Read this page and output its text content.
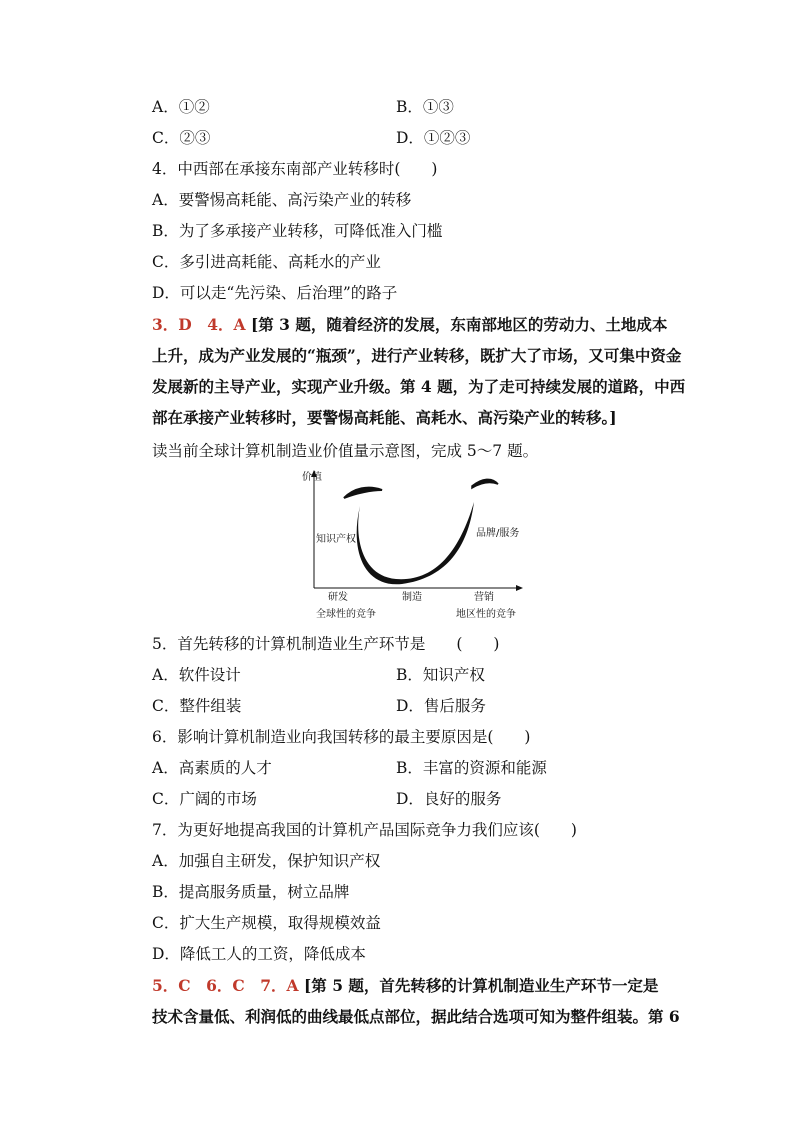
A．①②	B．①③
C．②③	D．①②③
4．中西部在承接东南部产业转移时(　　)
A．要警惕高耗能、高污染产业的转移
B．为了多承接产业转移，可降低准入门槛
C．多引进高耗能、高耗水的产业
D．可以走“先污染、后治理”的路子
3．D　4．A [第 3 题，随着经济的发展，东南部地区的劳动力、土地成本
上升，成为产业发展的“瓶颈”，进行产业转移，既扩大了市场，又可集中资金
发展新的主导产业，实现产业升级。第 4 题，为了走可持续发展的道路，中西
部在承接产业转移时，要警惕高耗能、高耗水、高污染产业的转移。]
读当前全球计算机制造业价值量示意图，完成 5～7 题。
价值
知识产权
品牌/服务
研发	制造	营销
全球性的竞争	地区性的竞争
5．首先转移的计算机制造业生产环节是　　(　　)
A．软件设计	B．知识产权
C．整件组装	D．售后服务
6．影响计算机制造业向我国转移的最主要原因是(　　)
A．高素质的人才	B．丰富的资源和能源
C．广阔的市场	D．良好的服务
7．为更好地提高我国的计算机产品国际竞争力我们应该(　　)
A．加强自主研发，保护知识产权
B．提高服务质量，树立品牌
C．扩大生产规模，取得规模效益
D．降低工人的工资，降低成本
5．C　6．C　7．A [第 5 题，首先转移的计算机制造业生产环节一定是
技术含量低、利润低的曲线最低点部位，据此结合选项可知为整件组装。第 6
